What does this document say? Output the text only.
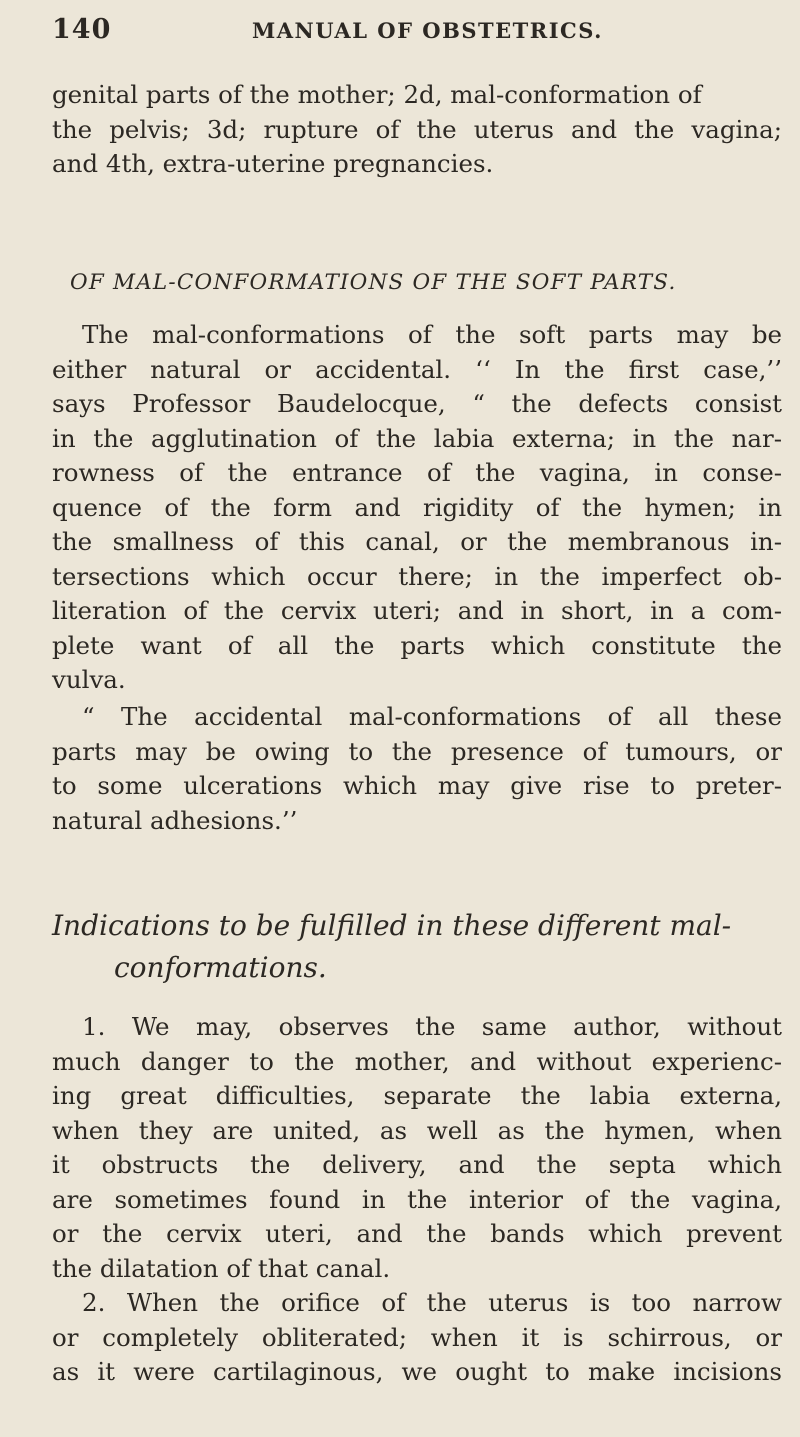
140	MANUAL OF OBSTETRICS.
genital parts of the mother; 2d, mal-conformation of
the pelvis; 3d; rupture of the uterus and the vagina;
and 4th, extra-uterine pregnancies.
OF MAL-CONFORMATIONS OF THE SOFT PARTS.
The mal-conformations of the soft parts may be
either natural or accidental. ‘‘ In the first case,’’
says Professor Baudelocque, “ the defects consist
in the agglutination of the labia externa; in the nar-
rowness of the entrance of the vagina, in conse-
quence of the form and rigidity of the hymen; in
the smallness of this canal, or the membranous in-
tersections which occur there; in the imperfect ob-
literation of the cervix uteri; and in short, in a com-
plete want of all the parts which constitute the
vulva.
“ The accidental mal-conformations of all these
parts may be owing to the presence of tumours, or
to some ulcerations which may give rise to preter-
natural adhesions.’’
Indications to be fulfilled in these different mal-
conformations.
1. We may, observes the same author, without
much danger to the mother, and without experienc-
ing great difficulties, separate the labia externa,
when they are united, as well as the hymen, when
it obstructs the delivery, and the septa which
are sometimes found in the interior of the vagina,
or the cervix uteri, and the bands which prevent
the dilatation of that canal.
2. When the orifice of the uterus is too narrow
or completely obliterated; when it is schirrous, or
as it were cartilaginous, we ought to make incisions
